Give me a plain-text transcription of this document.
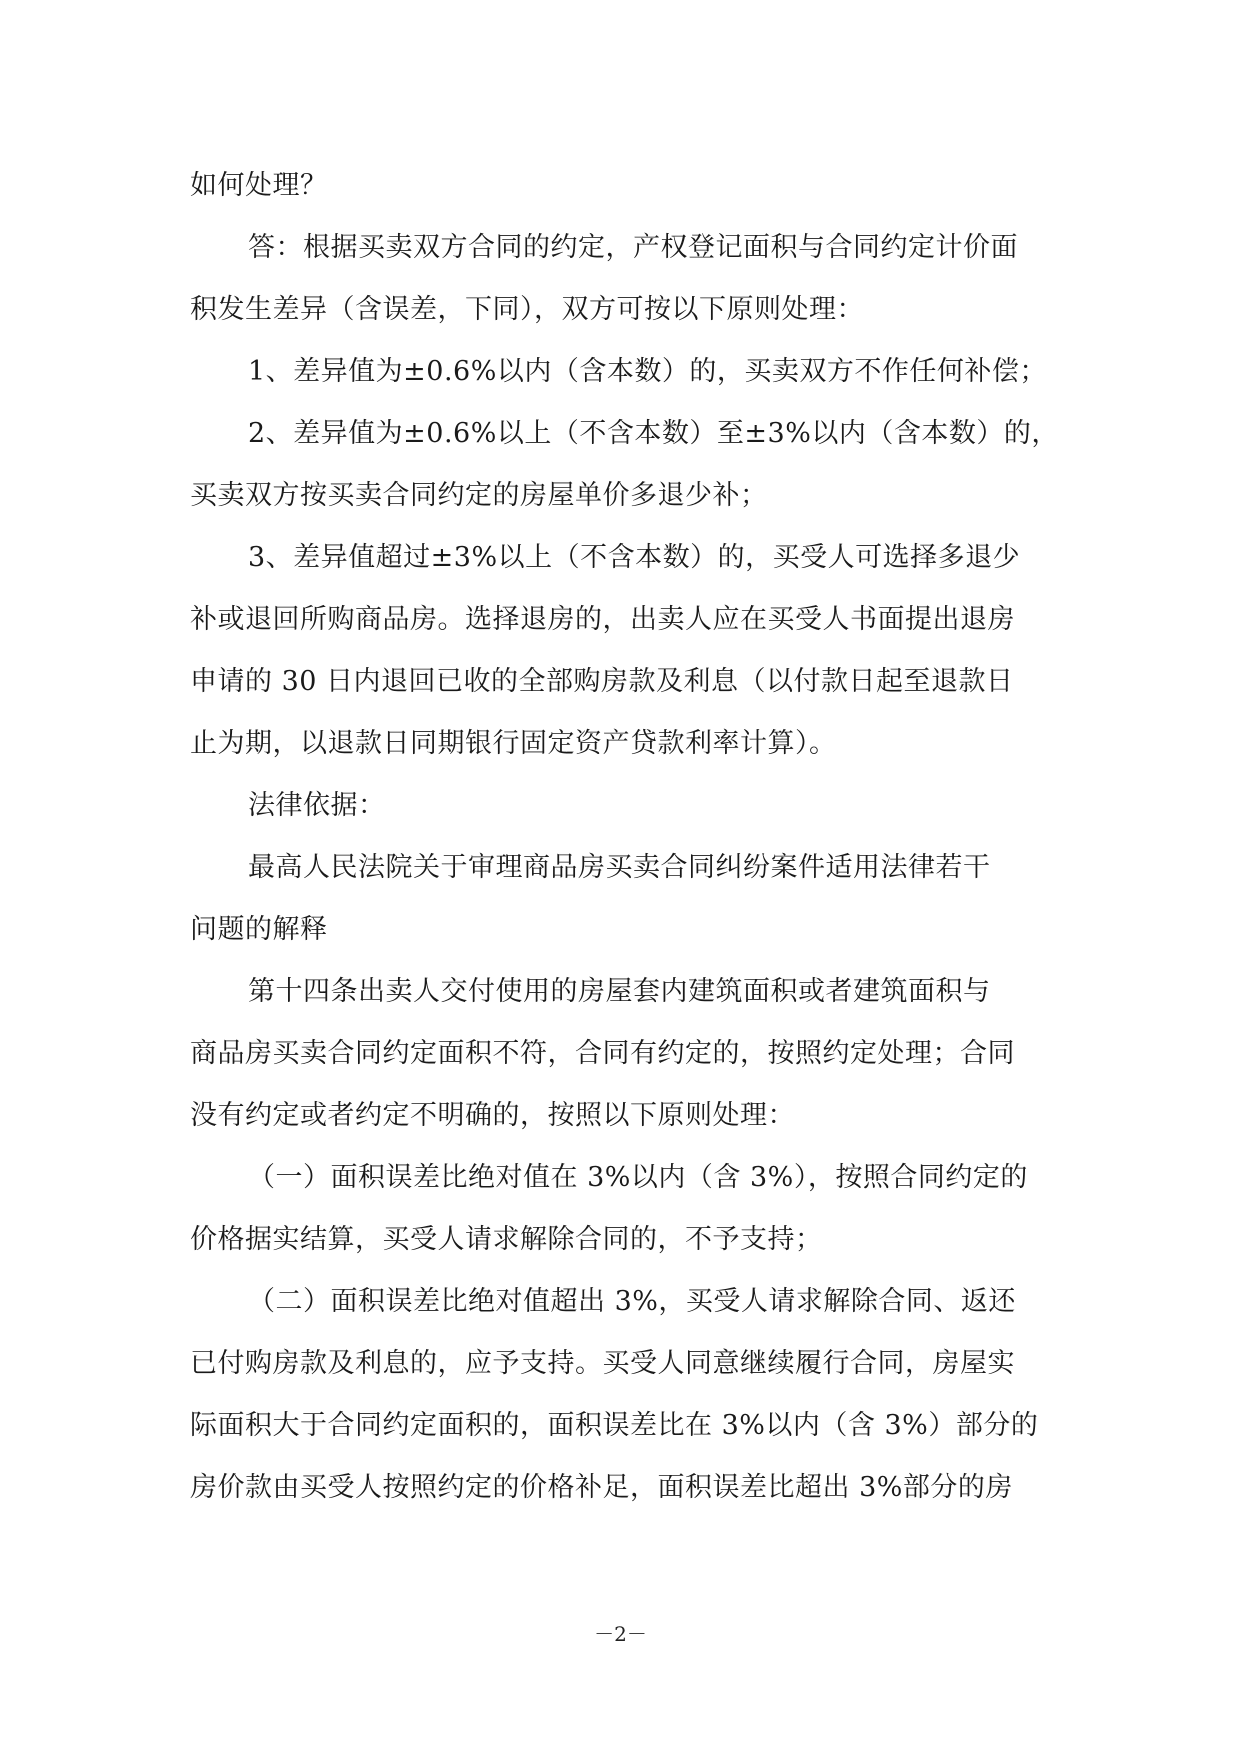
如何处理？
答：根据买卖双方合同的约定，产权登记面积与合同约定计价面
积发生差异（含误差，下同），双方可按以下原则处理：
1、差异值为±0.6%以内（含本数）的，买卖双方不作任何补偿；
2、差异值为±0.6%以上（不含本数）至±3%以内（含本数）的，
买卖双方按买卖合同约定的房屋单价多退少补；
3、差异值超过±3%以上（不含本数）的，买受人可选择多退少
补或退回所购商品房。选择退房的，出卖人应在买受人书面提出退房
申请的 30 日内退回已收的全部购房款及利息（以付款日起至退款日
止为期，以退款日同期银行固定资产贷款利率计算）。
法律依据：
最高人民法院关于审理商品房买卖合同纠纷案件适用法律若干
问题的解释
第十四条出卖人交付使用的房屋套内建筑面积或者建筑面积与
商品房买卖合同约定面积不符，合同有约定的，按照约定处理；合同
没有约定或者约定不明确的，按照以下原则处理：
（一）面积误差比绝对值在 3%以内（含 3%），按照合同约定的
价格据实结算，买受人请求解除合同的，不予支持；
（二）面积误差比绝对值超出 3%，买受人请求解除合同、返还
已付购房款及利息的，应予支持。买受人同意继续履行合同，房屋实
际面积大于合同约定面积的，面积误差比在 3%以内（含 3%）部分的
房价款由买受人按照约定的价格补足，面积误差比超出 3%部分的房
－2－
